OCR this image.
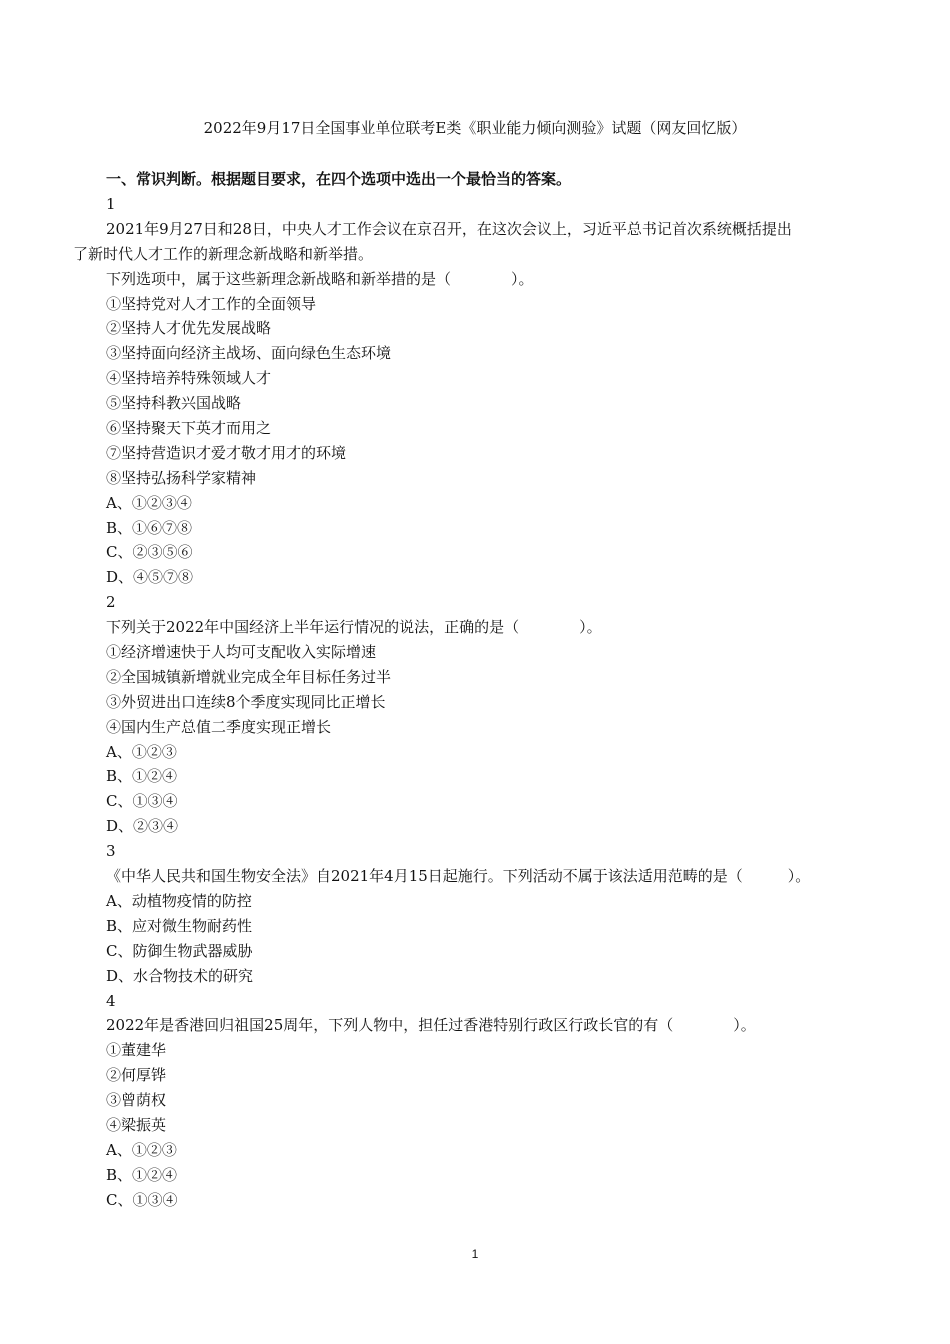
2022年9月17日全国事业单位联考E类《职业能力倾向测验》试题（网友回忆版）
一、常识判断。根据题目要求，在四个选项中选出一个最恰当的答案。
1
2021年9月27日和28日，中央人才工作会议在京召开，在这次会议上，习近平总书记首次系统概括提出
了新时代人才工作的新理念新战略和新举措。
下列选项中，属于这些新理念新战略和新举措的是（　　　　）。
①坚持党对人才工作的全面领导
②坚持人才优先发展战略
③坚持面向经济主战场、面向绿色生态环境
④坚持培养特殊领域人才
⑤坚持科教兴国战略
⑥坚持聚天下英才而用之
⑦坚持营造识才爱才敬才用才的环境
⑧坚持弘扬科学家精神
A、①②③④
B、①⑥⑦⑧
C、②③⑤⑥
D、④⑤⑦⑧
2
下列关于2022年中国经济上半年运行情况的说法，正确的是（　　　　）。
①经济增速快于人均可支配收入实际增速
②全国城镇新增就业完成全年目标任务过半
③外贸进出口连续8个季度实现同比正增长
④国内生产总值二季度实现正增长
A、①②③
B、①②④
C、①③④
D、②③④
3
《中华人民共和国生物安全法》自2021年4月15日起施行。下列活动不属于该法适用范畴的是（　　　）。
A、动植物疫情的防控
B、应对微生物耐药性
C、防御生物武器威胁
D、水合物技术的研究
4
2022年是香港回归祖国25周年，下列人物中，担任过香港特别行政区行政长官的有（　　　　）。
①董建华
②何厚铧
③曾荫权
④梁振英
A、①②③
B、①②④
C、①③④
1
